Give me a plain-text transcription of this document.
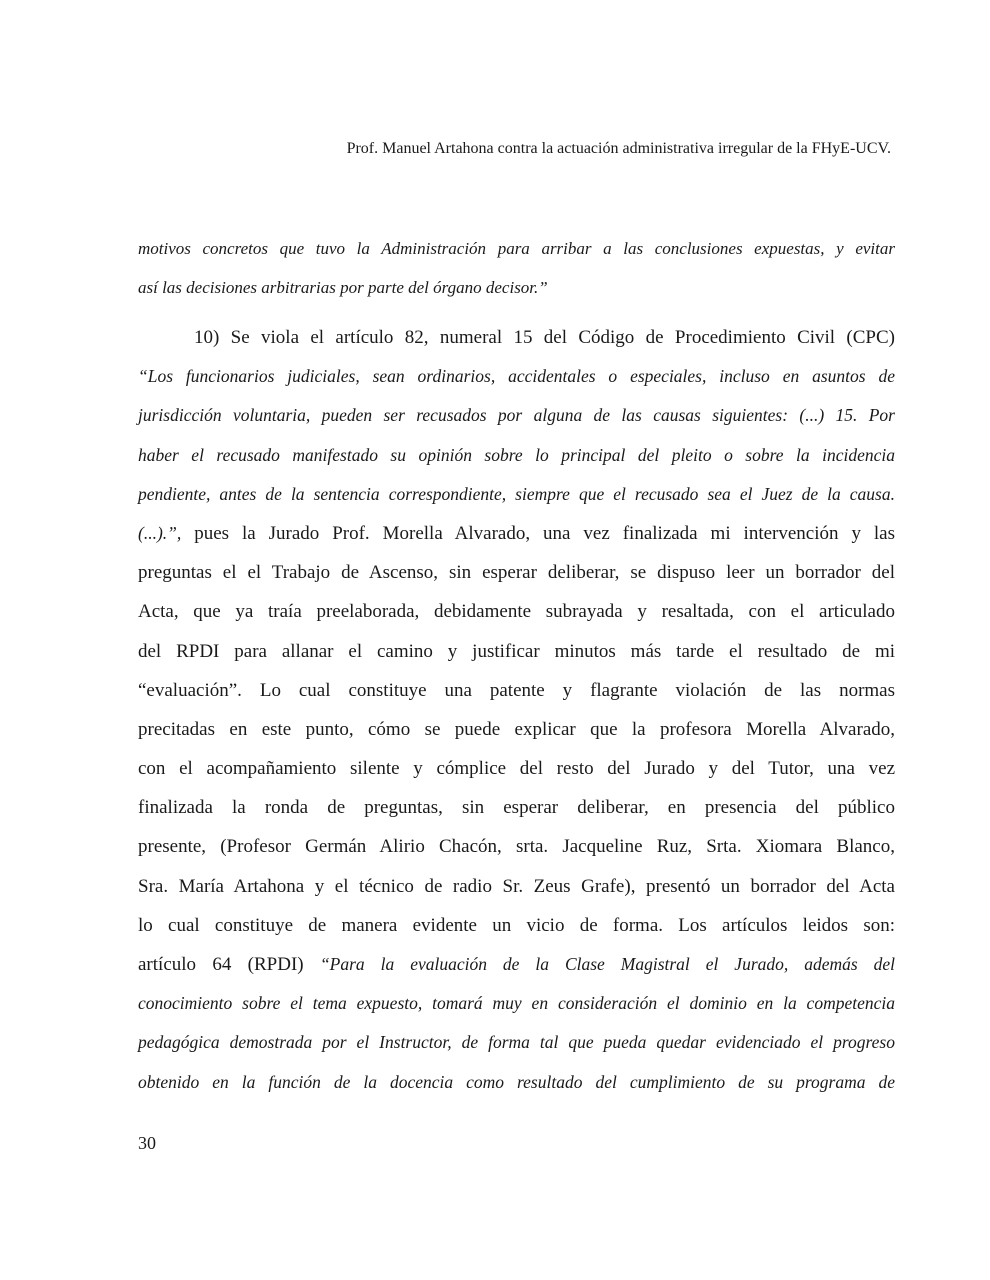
Prof. Manuel Artahona contra la actuación administrativa irregular de la FHyE-UCV.
motivos concretos que tuvo la Administración para arribar a las conclusiones expuestas, y evitar
así las decisiones arbitrarias por parte del órgano decisor.”
10) Se viola el artículo 82, numeral 15 del Código de Procedimiento Civil (CPC)
“Los funcionarios judiciales, sean ordinarios, accidentales o especiales, incluso en asuntos de
jurisdicción voluntaria, pueden ser recusados por alguna de las causas siguientes: (...) 15. Por
haber el recusado manifestado su opinión sobre lo principal del pleito o sobre la incidencia
pendiente, antes de la sentencia correspondiente, siempre que el recusado sea el Juez de la causa.
(...).”, pues la Jurado Prof. Morella Alvarado, una vez finalizada mi intervención y las
preguntas el el Trabajo de Ascenso, sin esperar deliberar, se dispuso leer un borrador del
Acta, que ya traía preelaborada, debidamente subrayada y resaltada, con el articulado
del RPDI para allanar el camino y justificar minutos más tarde el resultado de mi
“evaluación”. Lo cual constituye una patente y flagrante violación de las normas
precitadas en este punto, cómo se puede explicar que la profesora Morella Alvarado,
con el acompañamiento silente y cómplice del resto del Jurado y del Tutor, una vez
finalizada la ronda de preguntas, sin esperar deliberar, en presencia del público
presente, (Profesor Germán Alirio Chacón, srta. Jacqueline Ruz, Srta. Xiomara Blanco,
Sra. María Artahona y el técnico de radio Sr. Zeus Grafe), presentó un borrador del Acta
lo cual constituye de manera evidente un vicio de forma. Los artículos leidos son:
artículo 64 (RPDI) “Para la evaluación de la Clase Magistral el Jurado, además del
conocimiento sobre el tema expuesto, tomará muy en consideración el dominio en la competencia
pedagógica demostrada por el Instructor, de forma tal que pueda quedar evidenciado el progreso
obtenido en la función de la docencia como resultado del cumplimiento de su programa de
30
